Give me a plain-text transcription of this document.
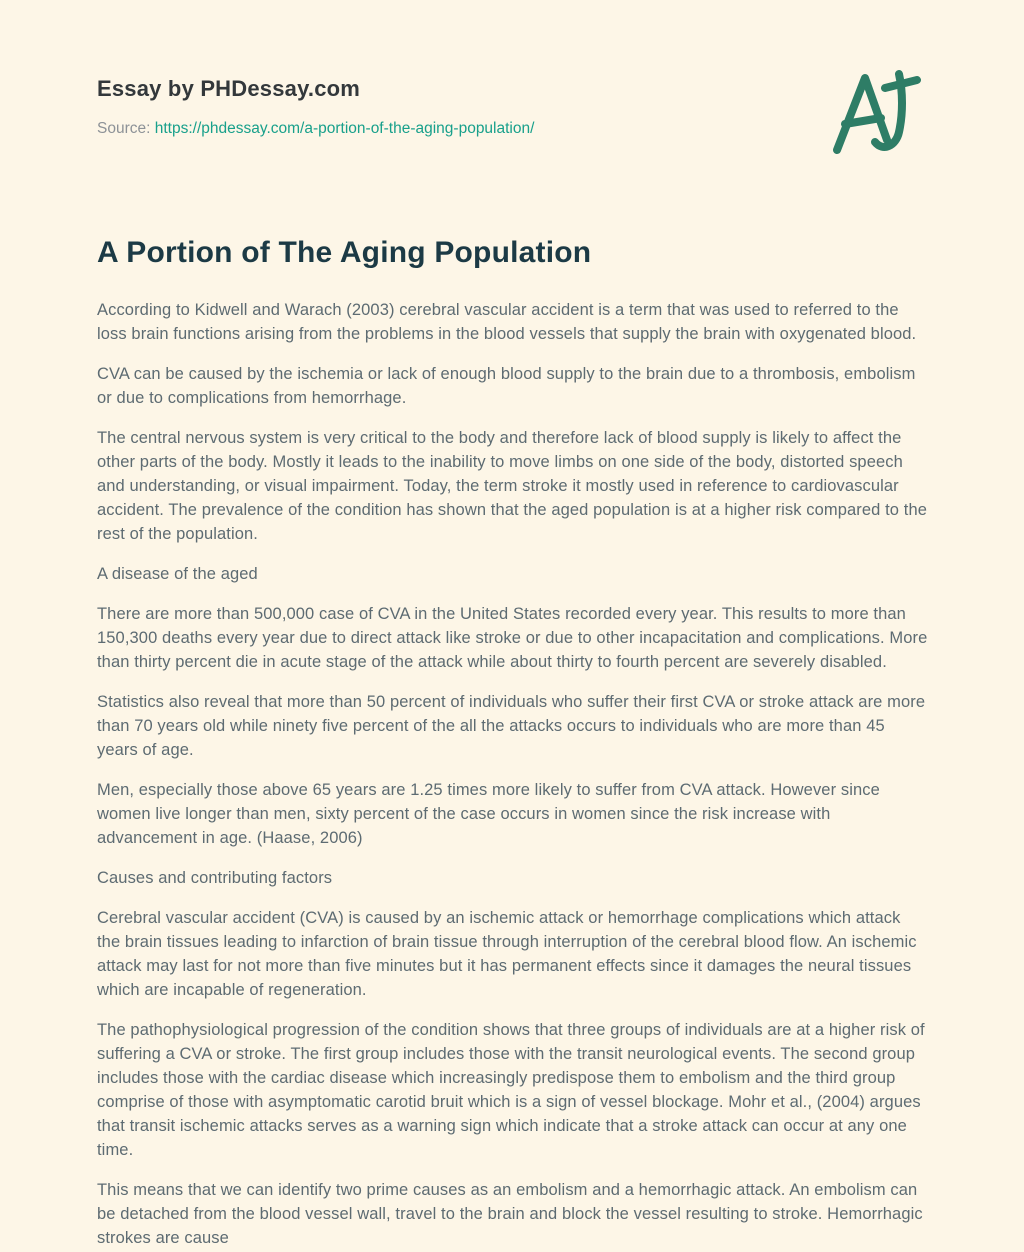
Essay by PHDessay.com

Source: https://phdessay.com/a-portion-of-the-aging-population/

A Portion of The Aging Population

According to Kidwell and Warach (2003) cerebral vascular accident is a term that was used to referred to the loss brain functions arising from the problems in the blood vessels that supply the brain with oxygenated blood.

CVA can be caused by the ischemia or lack of enough blood supply to the brain due to a thrombosis, embolism or due to complications from hemorrhage.

The central nervous system is very critical to the body and therefore lack of blood supply is likely to affect the other parts of the body. Mostly it leads to the inability to move limbs on one side of the body, distorted speech and understanding, or visual impairment. Today, the term stroke it mostly used in reference to cardiovascular accident. The prevalence of the condition has shown that the aged population is at a higher risk compared to the rest of the population.

A disease of the aged

There are more than 500,000 case of CVA in the United States recorded every year. This results to more than 150,300 deaths every year due to direct attack like stroke or due to other incapacitation and complications. More than thirty percent die in acute stage of the attack while about thirty to fourth percent are severely disabled.

Statistics also reveal that more than 50 percent of individuals who suffer their first CVA or stroke attack are more than 70 years old while ninety five percent of the all the attacks occurs to individuals who are more than 45 years of age.

Men, especially those above 65 years are 1.25 times more likely to suffer from CVA attack. However since women live longer than men, sixty percent of the case occurs in women since the risk increase with advancement in age. (Haase, 2006)

Causes and contributing factors

Cerebral vascular accident (CVA) is caused by an ischemic attack or hemorrhage complications which attack the brain tissues leading to infarction of brain tissue through interruption of the cerebral blood flow. An ischemic attack may last for not more than five minutes but it has permanent effects since it damages the neural tissues which are incapable of regeneration.

The pathophysiological progression of the condition shows that three groups of individuals are at a higher risk of suffering a CVA or stroke. The first group includes those with the transit neurological events. The second group includes those with the cardiac disease which increasingly predispose them to embolism and the third group comprise of those with asymptomatic carotid bruit which is a sign of vessel blockage. Mohr et al., (2004) argues that transit ischemic attacks serves as a warning sign which indicate that a stroke attack can occur at any one time.

This means that we can identify two prime causes as an embolism and a hemorrhagic attack. An embolism can be detached from the blood vessel wall, travel to the brain and block the vessel resulting to stroke. Hemorrhagic strokes are cause
